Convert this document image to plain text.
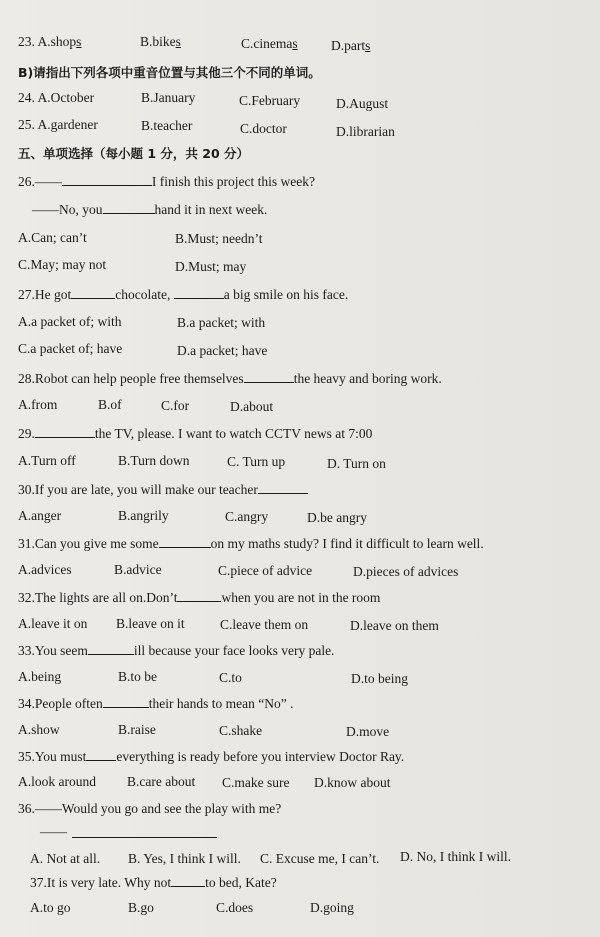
23. A.shops	B.bikes	C.cinemas D.parts
B)请指出下列各项中重音位置与其他三个不同的单词。
24. A.October	B.January	C.February	D.August
25. A.gardener	B.teacher	C.doctor	D.librarian
五、单项选择（每小题 1 分，共 20 分）
26.——	I finish this project this week?
——No, you	hand it in next week.
A.Can; can’t	B.Must; needn’t
C.May; may not	D.Must; may
27.He got	chocolate,	a big smile on his face.
A.a packet of; with	B.a packet; with
C.a packet of; have	D.a packet; have
28.Robot can help people free themselves	the heavy and boring work.
A.from	B.of	C.for	D.about
29.	the TV, please. I want to watch CCTV news at 7:00
A.Turn off	B.Turn down	C. Turn up	D. Turn on
30.If you are late, you will make our teacher
A.anger	B.angrily	C.angry	D.be angry
31.Can you give me some	on my maths study? I find it difficult to learn well.
A.advices	B.advice	C.piece of advice	D.pieces of advices
32.The lights are all on.Don’t	when you are not in the room
A.leave it on B.leave on it	C.leave them on	D.leave on them
33.You seem	ill because your face looks very pale.
A.being	B.to be	C.to	D.to being
34.People often	their hands to mean “No” .
A.show	B.raise	C.shake	D.move
35.You must everything is ready before you interview Doctor Ray.
A.look around B.care about C.make sure D.know about
36.——Would you go and see the play with me?
——
A. Not at all. B. Yes, I think I will. C. Excuse me, I can’t. D. No, I think I will.
37.It is very late. Why not	to bed, Kate?
A.to go	B.go	C.does	D.going
